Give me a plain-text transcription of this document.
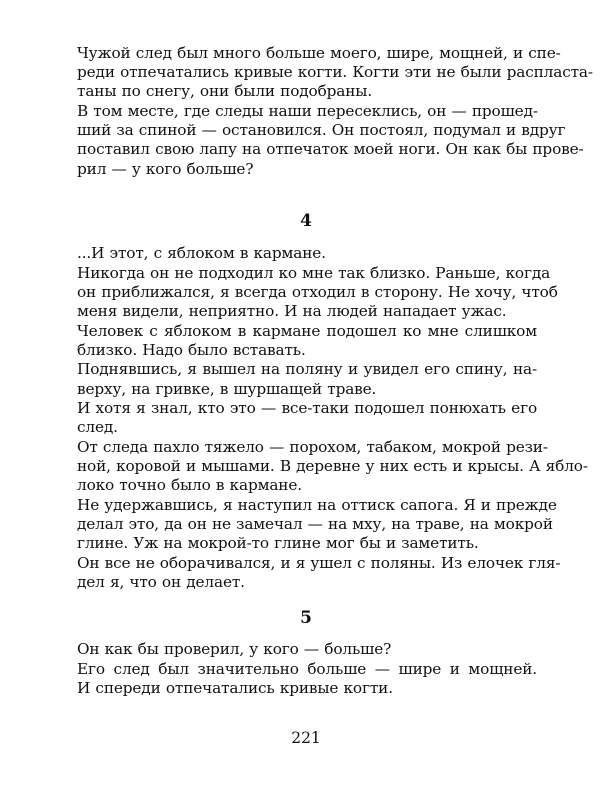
Чужой след был много больше моего, шире, мощней, и спе-
реди отпечатались кривые когти. Когти эти не были распласта-
таны по снегу, они были подобраны.

В том месте, где следы наши пересеклись, он — прошед-
ший за спиной — остановился. Он постоял, подумал и вдруг
поставил свою лапу на отпечаток моей ноги. Он как бы прове-
рил — у кого больше?

4

...И этот, с яблоком в кармане.

Никогда он не подходил ко мне так близко. Раньше, когда
он приближался, я всегда отходил в сторону. Не хочу, чтоб
меня видели, неприятно. И на людей нападает ужас.

Человек с яблоком в кармане подошел ко мне слишком
близко. Надо было вставать.

Поднявшись, я вышел на поляну и увидел его спину, на-
верху, на гривке, в шуршащей траве.

И хотя я знал, кто это — все-таки подошел понюхать его
след.

От следа пахло тяжело — порохом, табаком, мокрой рези-
ной, коровой и мышами. В деревне у них есть и крысы. А ябло-
локо точно было в кармане.

Не удержавшись, я наступил на оттиск сапога. Я и прежде
делал это, да он не замечал — на мху, на траве, на мокрой
глине. Уж на мокрой-то глине мог бы и заметить.

Он все не оборачивался, и я ушел с поляны. Из елочек гля-
дел я, что он делает.

5

Он как бы проверил, у кого — больше?

Его след был значительно больше — шире и мощней.
И спереди отпечатались кривые когти.

221
